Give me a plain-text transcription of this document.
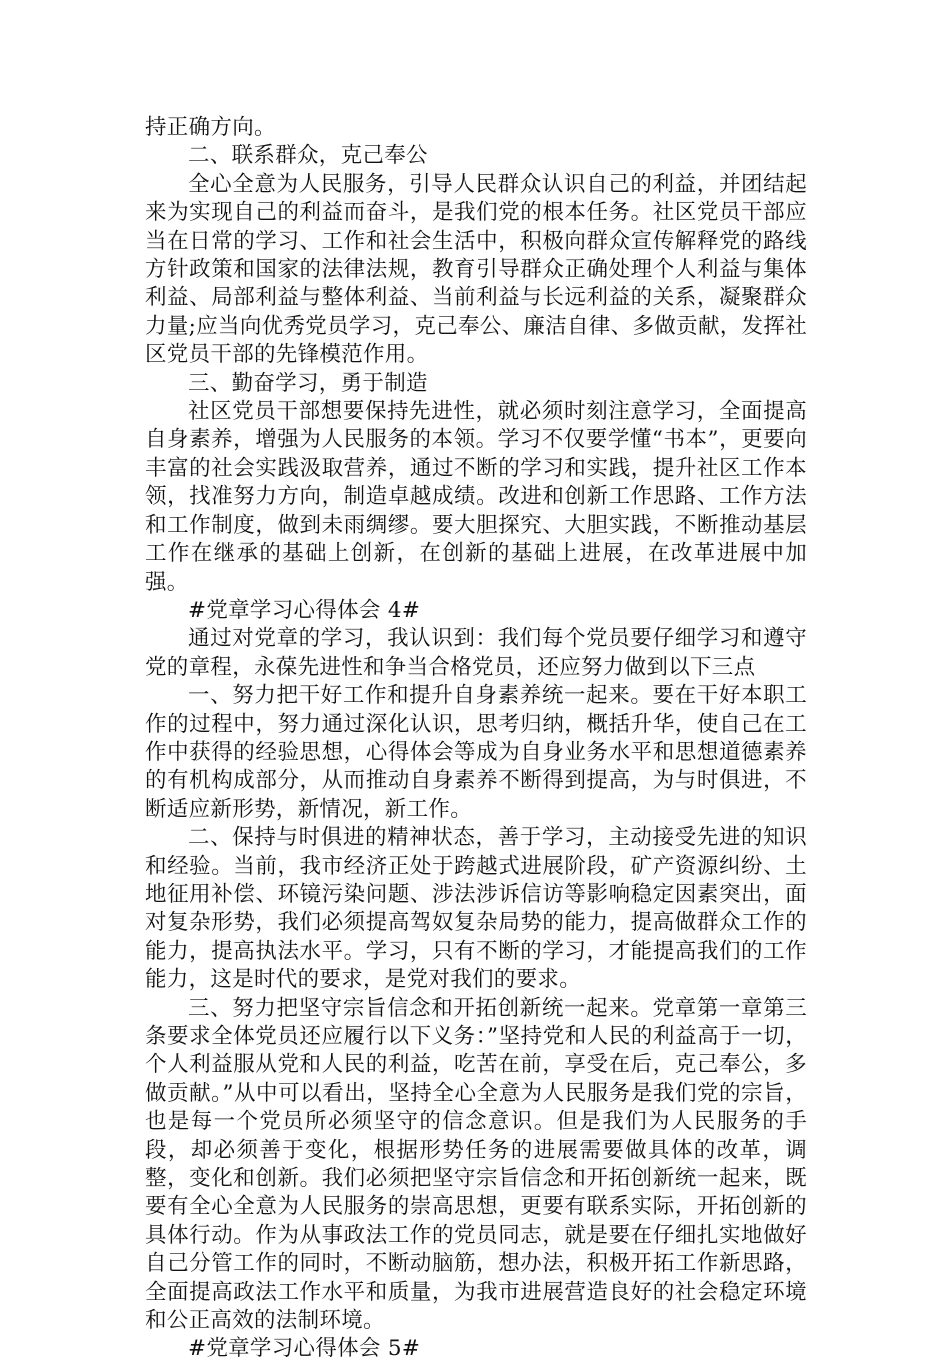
持正确方向。

二、联系群众，克己奉公

全心全意为人民服务，引导人民群众认识自己的利益，并团结起来为实现自己的利益而奋斗，是我们党的根本任务。社区党员干部应当在日常的学习、工作和社会生活中，积极向群众宣传解释党的路线方针政策和国家的法律法规，教育引导群众正确处理个人利益与集体利益、局部利益与整体利益、当前利益与长远利益的关系，凝聚群众力量;应当向优秀党员学习，克己奉公、廉洁自律、多做贡献，发挥社区党员干部的先锋模范作用。

三、勤奋学习，勇于制造

社区党员干部想要保持先进性，就必须时刻注意学习，全面提高自身素养，增强为人民服务的本领。学习不仅要学懂“书本”，更要向丰富的社会实践汲取营养，通过不断的学习和实践，提升社区工作本领，找准努力方向，制造卓越成绩。改进和创新工作思路、工作方法和工作制度，做到未雨绸缪。要大胆探究、大胆实践，不断推动基层工作在继承的基础上创新，在创新的基础上进展，在改革进展中加强。

#党章学习心得体会 4#

通过对党章的学习，我认识到：我们每个党员要仔细学习和遵守党的章程，永葆先进性和争当合格党员，还应努力做到以下三点

一、努力把干好工作和提升自身素养统一起来。要在干好本职工作的过程中，努力通过深化认识，思考归纳，概括升华，使自己在工作中获得的经验思想，心得体会等成为自身业务水平和思想道德素养的有机构成部分，从而推动自身素养不断得到提高，为与时俱进，不断适应新形势，新情况，新工作。

二、保持与时俱进的精神状态，善于学习，主动接受先进的知识和经验。当前，我市经济正处于跨越式进展阶段，矿产资源纠纷、土地征用补偿、环镜污染问题、涉法涉诉信访等影响稳定因素突出，面对复杂形势，我们必须提高驾奴复杂局势的能力，提高做群众工作的能力，提高执法水平。学习，只有不断的学习，才能提高我们的工作能力，这是时代的要求，是党对我们的要求。

三、努力把坚守宗旨信念和开拓创新统一起来。党章第一章第三条要求全体党员还应履行以下义务：”坚持党和人民的利益高于一切，个人利益服从党和人民的利益，吃苦在前，享受在后，克己奉公，多做贡献。”从中可以看出，坚持全心全意为人民服务是我们党的宗旨，也是每一个党员所必须坚守的信念意识。但是我们为人民服务的手段，却必须善于变化，根据形势任务的进展需要做具体的改革，调整，变化和创新。我们必须把坚守宗旨信念和开拓创新统一起来，既要有全心全意为人民服务的崇高思想，更要有联系实际，开拓创新的具体行动。作为从事政法工作的党员同志，就是要在仔细扎实地做好自己分管工作的同时，不断动脑筋，想办法，积极开拓工作新思路，全面提高政法工作水平和质量，为我市进展营造良好的社会稳定环境和公正高效的法制环境。

#党章学习心得体会 5#
